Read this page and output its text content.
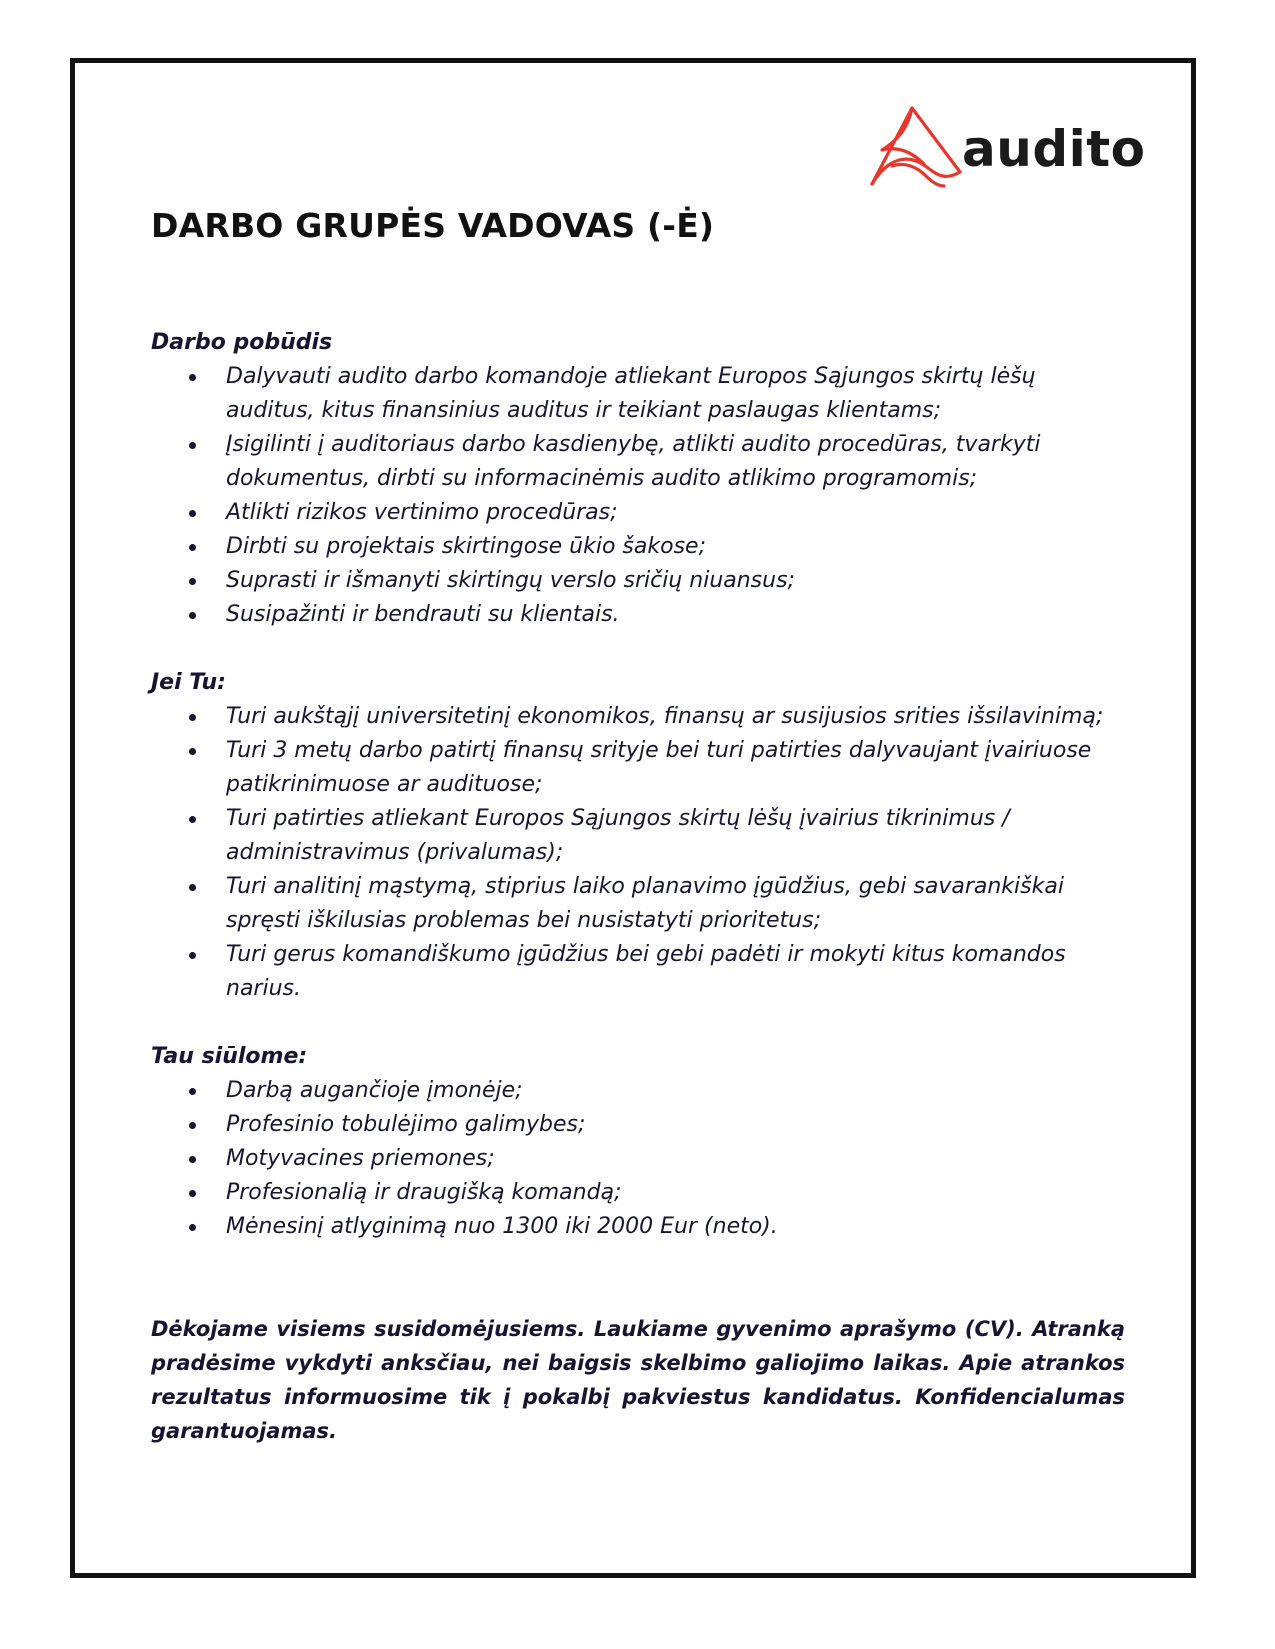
audito
DARBO GRUPĖS VADOVAS (-Ė)

Darbo pobūdis

Dalyvauti audito darbo komandoje atliekant Europos Sąjungos skirtų lėšų auditus, kitus finansinius auditus ir teikiant paslaugas klientams;
Įsigilinti į auditoriaus darbo kasdienybę, atlikti audito procedūras, tvarkyti dokumentus, dirbti su informacinėmis audito atlikimo programomis;
Atlikti rizikos vertinimo procedūras;
Dirbti su projektais skirtingose ūkio šakose;
Suprasti ir išmanyti skirtingų verslo sričių niuansus;
Susipažinti ir bendrauti su klientais.

Jei Tu:

Turi aukštąjį universitetinį ekonomikos, finansų ar susijusios srities išsilavinimą;
Turi 3 metų darbo patirtį finansų srityje bei turi patirties dalyvaujant įvairiuose patikrinimuose ar audituose;
Turi patirties atliekant Europos Sąjungos skirtų lėšų įvairius tikrinimus / administravimus (privalumas);
Turi analitinį mąstymą, stiprius laiko planavimo įgūdžius, gebi savarankiškai spręsti iškilusias problemas bei nusistatyti prioritetus;
Turi gerus komandiškumo įgūdžius bei gebi padėti ir mokyti kitus komandos narius.

Tau siūlome:

Darbą augančioje įmonėje;
Profesinio tobulėjimo galimybes;
Motyvacines priemones;
Profesionalią ir draugišką komandą;
Mėnesinį atlyginimą nuo 1300 iki 2000 Eur (neto).

Dėkojame visiems susidomėjusiems. Laukiame gyvenimo aprašymo (CV). Atranką pradėsime vykdyti anksčiau, nei baigsis skelbimo galiojimo laikas. Apie atrankos rezultatus informuosime tik į pokalbį pakviestus kandidatus. Konfidencialumas garantuojamas.
